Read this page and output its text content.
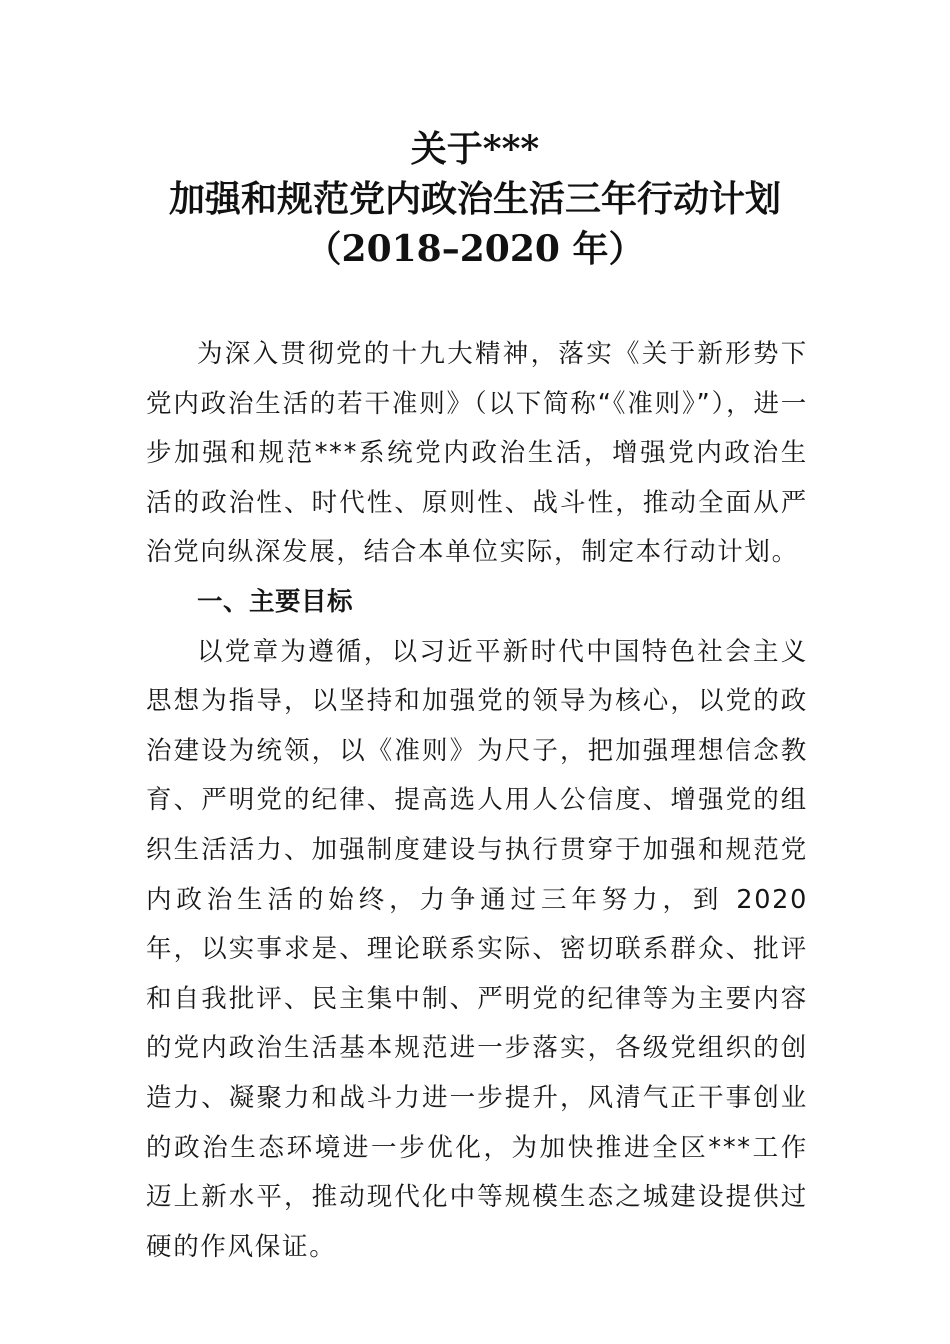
关于***
加强和规范党内政治生活三年行动计划
（2018–2020 年）

为深入贯彻党的十九大精神，落实《关于新形势下党内政治生活的若干准则》（以下简称“《准则》”），进一步加强和规范***系统党内政治生活，增强党内政治生活的政治性、时代性、原则性、战斗性，推动全面从严治党向纵深发展，结合本单位实际，制定本行动计划。

一、主要目标

以党章为遵循，以习近平新时代中国特色社会主义思想为指导，以坚持和加强党的领导为核心，以党的政治建设为统领，以《准则》为尺子，把加强理想信念教育、严明党的纪律、提高选人用人公信度、增强党的组织生活活力、加强制度建设与执行贯穿于加强和规范党内政治生活的始终，力争通过三年努力，到 2020 年，以实事求是、理论联系实际、密切联系群众、批评和自我批评、民主集中制、严明党的纪律等为主要内容的党内政治生活基本规范进一步落实，各级党组织的创造力、凝聚力和战斗力进一步提升，风清气正干事创业的政治生态环境进一步优化，为加快推进全区***工作迈上新水平，推动现代化中等规模生态之城建设提供过硬的作风保证。
